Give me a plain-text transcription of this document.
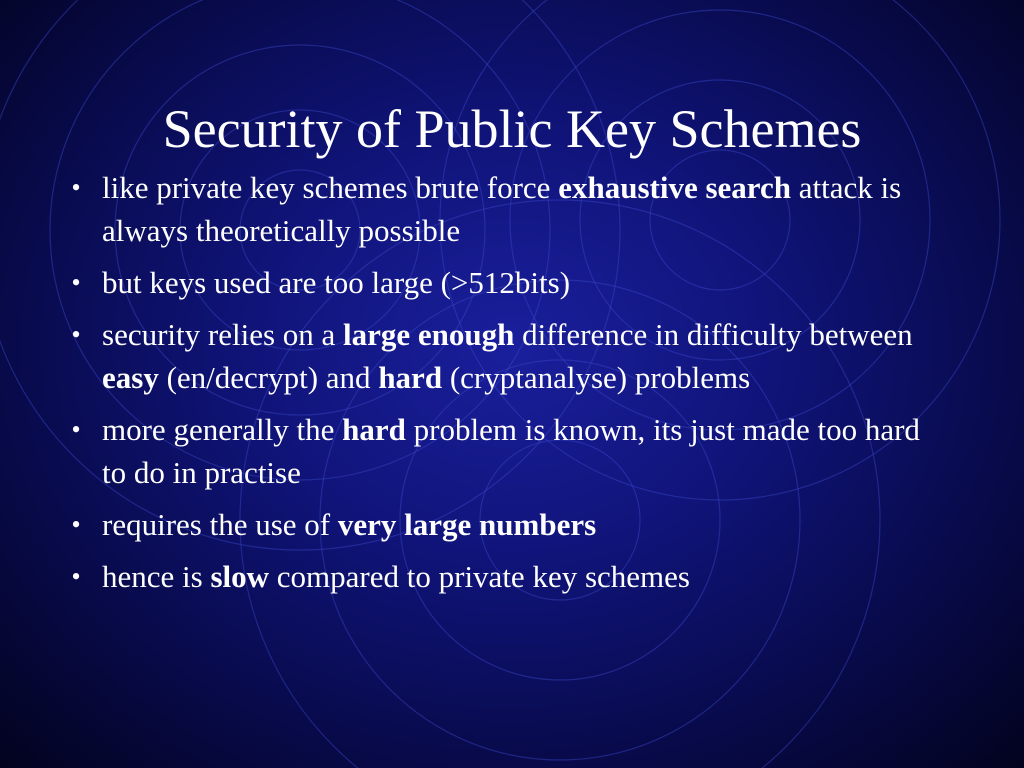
Security of Public Key Schemes
• like private key schemes brute force exhaustive search attack is always theoretically possible
• but keys used are too large (>512bits)
• security relies on a large enough difference in difficulty between easy (en/decrypt) and hard (cryptanalyse) problems
• more generally the hard problem is known, its just made too hard to do in practise
• requires the use of very large numbers
• hence is slow compared to private key schemes
